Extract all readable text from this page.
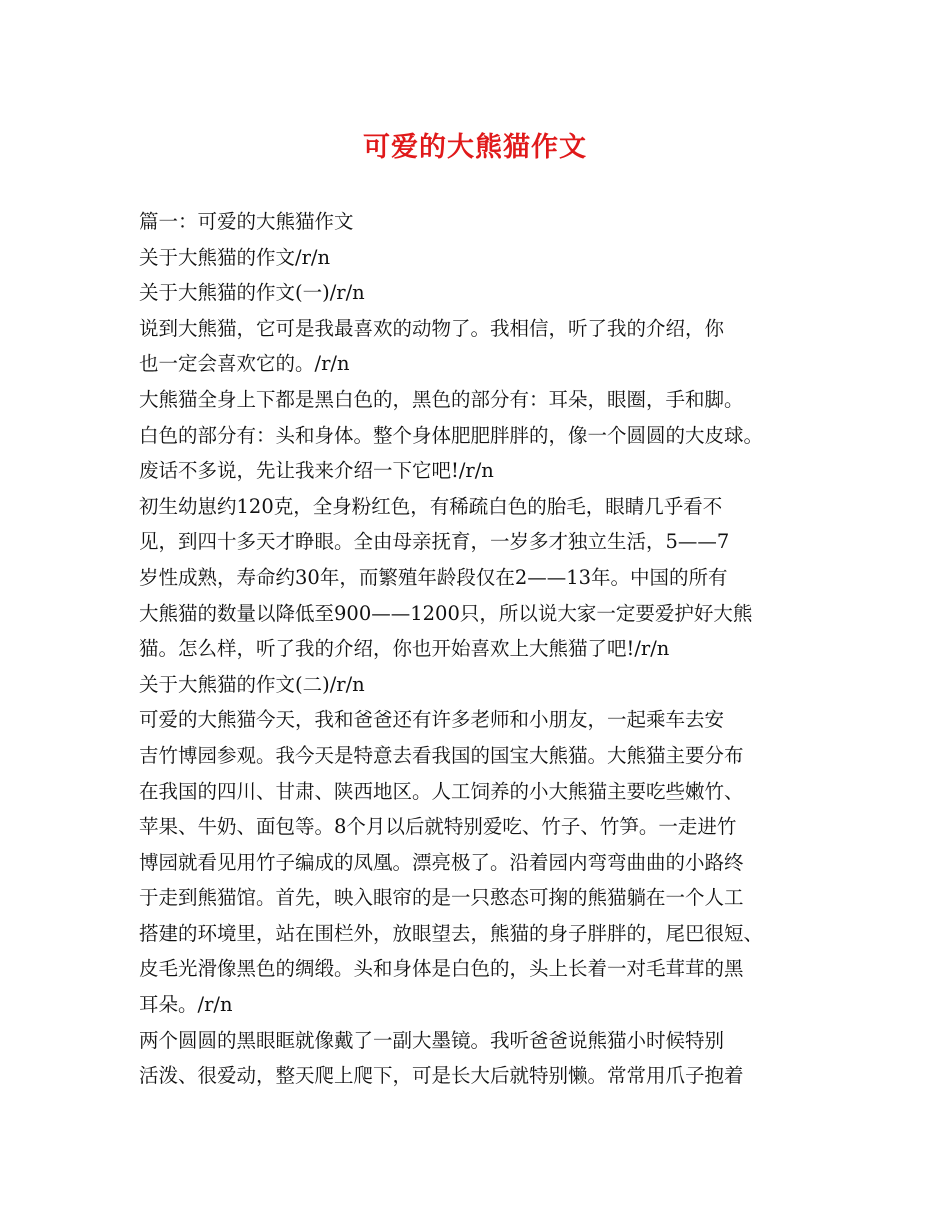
可爱的大熊猫作文
篇一：可爱的大熊猫作文
关于大熊猫的作文/r/n
关于大熊猫的作文(一)/r/n
说到大熊猫，它可是我最喜欢的动物了。我相信，听了我的介绍，你
也一定会喜欢它的。/r/n
大熊猫全身上下都是黑白色的，黑色的部分有：耳朵，眼圈，手和脚。
白色的部分有：头和身体。整个身体肥肥胖胖的，像一个圆圆的大皮球。
废话不多说，先让我来介绍一下它吧!/r/n
初生幼崽约120克，全身粉红色，有稀疏白色的胎毛，眼睛几乎看不
见，到四十多天才睁眼。全由母亲抚育，一岁多才独立生活，5——7
岁性成熟，寿命约30年，而繁殖年龄段仅在2——13年。中国的所有
大熊猫的数量以降低至900——1200只，所以说大家一定要爱护好大熊
猫。怎么样，听了我的介绍，你也开始喜欢上大熊猫了吧!/r/n
关于大熊猫的作文(二)/r/n
可爱的大熊猫今天，我和爸爸还有许多老师和小朋友，一起乘车去安
吉竹博园参观。我今天是特意去看我国的国宝大熊猫。大熊猫主要分布
在我国的四川、甘肃、陕西地区。人工饲养的小大熊猫主要吃些嫩竹、
苹果、牛奶、面包等。8个月以后就特别爱吃、竹子、竹笋。一走进竹
博园就看见用竹子编成的凤凰。漂亮极了。沿着园内弯弯曲曲的小路终
于走到熊猫馆。首先，映入眼帘的是一只憨态可掬的熊猫躺在一个人工
搭建的环境里，站在围栏外，放眼望去，熊猫的身子胖胖的，尾巴很短、
皮毛光滑像黑色的绸缎。头和身体是白色的，头上长着一对毛茸茸的黑
耳朵。/r/n
两个圆圆的黑眼眶就像戴了一副大墨镜。我听爸爸说熊猫小时候特别
活泼、很爱动，整天爬上爬下，可是长大后就特别懒。常常用爪子抱着
